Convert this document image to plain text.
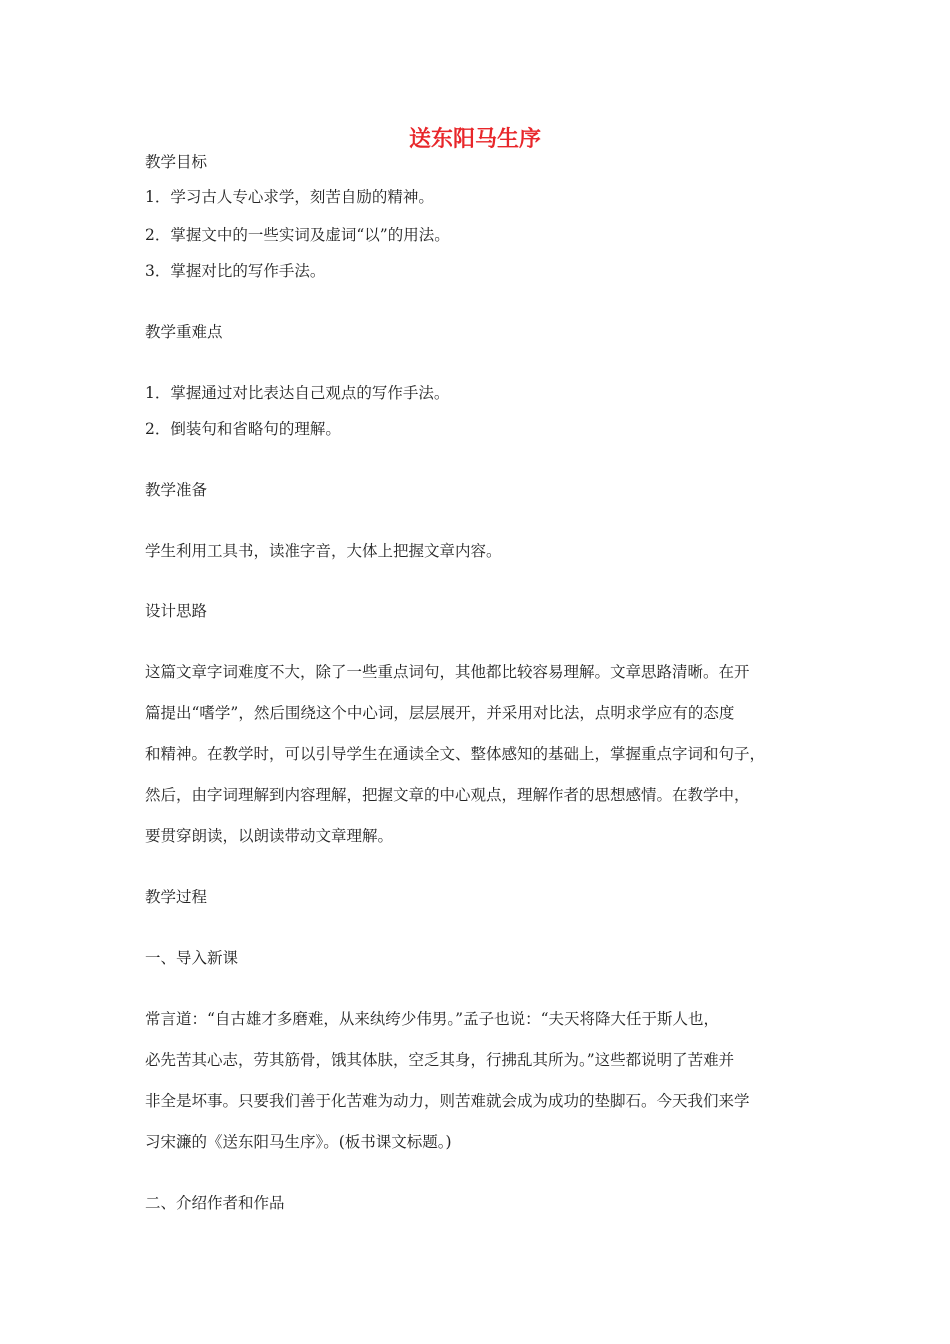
送东阳马生序
教学目标
1．学习古人专心求学，刻苦自励的精神。
2．掌握文中的一些实词及虚词“以”的用法。
3．掌握对比的写作手法。
教学重难点
1．掌握通过对比表达自己观点的写作手法。
2．倒装句和省略句的理解。
教学准备
学生利用工具书，读准字音，大体上把握文章内容。
设计思路
这篇文章字词难度不大，除了一些重点词句，其他都比较容易理解。文章思路清晰。在开
篇提出“嗜学”，然后围绕这个中心词，层层展开，并采用对比法，点明求学应有的态度
和精神。在教学时，可以引导学生在通读全文、整体感知的基础上，掌握重点字词和句子，
然后，由字词理解到内容理解，把握文章的中心观点，理解作者的思想感情。在教学中，
要贯穿朗读，以朗读带动文章理解。
教学过程
一、导入新课
常言道：“自古雄才多磨难，从来纨绔少伟男。”孟子也说：“夫天将降大任于斯人也，
必先苦其心志，劳其筋骨，饿其体肤，空乏其身，行拂乱其所为。”这些都说明了苦难并
非全是坏事。只要我们善于化苦难为动力，则苦难就会成为成功的垫脚石。今天我们来学
习宋濂的《送东阳马生序》。(板书课文标题。)
二、介绍作者和作品
